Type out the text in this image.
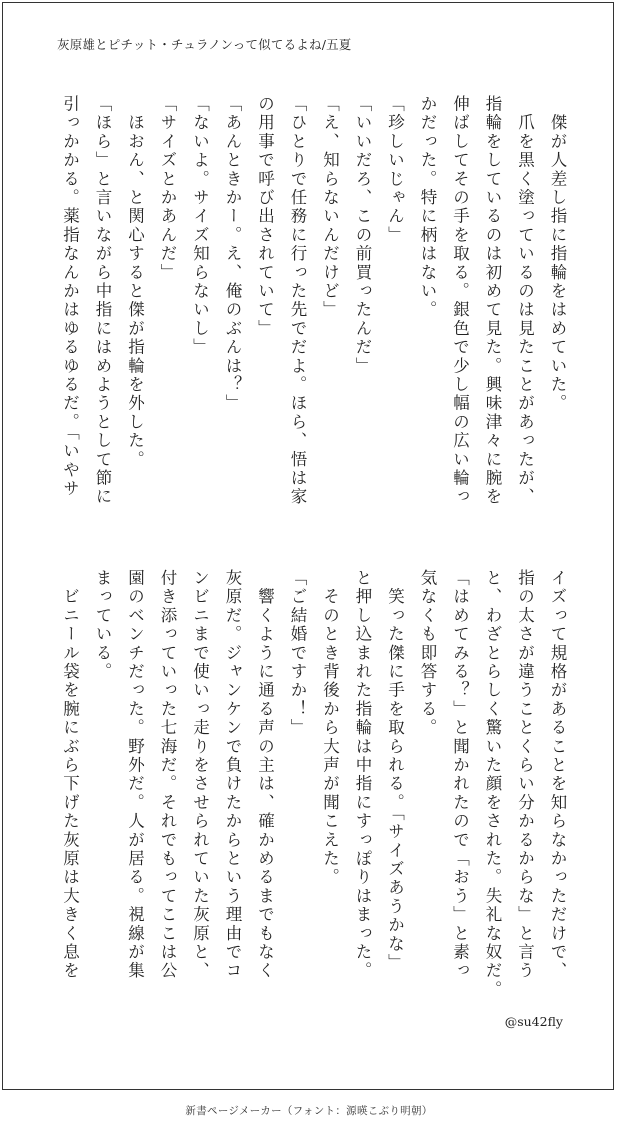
灰原雄とピチット・チュラノンって似てるよね/五夏
　傑が人差し指に指輪をはめていた。
　爪を黒く塗っているのは見たことがあったが、
指輪をしているのは初めて見た。興味津々に腕を
伸ばしてその手を取る。銀色で少し幅の広い輪っ
かだった。特に柄はない。
「珍しいじゃん」
「いいだろ、この前買ったんだ」
「え、知らないんだけど」
「ひとりで任務に行った先でだよ。ほら、悟は家
の用事で呼び出されていて」
「あんときかー。え、俺のぶんは？」
「ないよ。サイズ知らないし」
「サイズとかあんだ」
　ほおん、と関心すると傑が指輪を外した。
「ほら」と言いながら中指にはめようとして節に
引っかかる。薬指なんかはゆるゆるだ。「いやサ
イズって規格があることを知らなかっただけで、
指の太さが違うことくらい分かるからな」と言う
と、わざとらしく驚いた顔をされた。失礼な奴だ。
「はめてみる？」と聞かれたので「おう」と素っ
気なくも即答する。
　笑った傑に手を取られる。「サイズあうかな」
と押し込まれた指輪は中指にすっぽりはまった。
　そのとき背後から大声が聞こえた。
「ご結婚ですか！」
　響くように通る声の主は、確かめるまでもなく
灰原だ。ジャンケンで負けたからという理由でコ
ンビニまで使いっ走りをさせられていた灰原と、
付き添っていった七海だ。それでもってここは公
園のベンチだった。野外だ。人が居る。視線が集
まっている。
　ビニール袋を腕にぶら下げた灰原は大きく息を
@su42fly
新書ページメーカー（フォント：源暎こぶり明朝）
